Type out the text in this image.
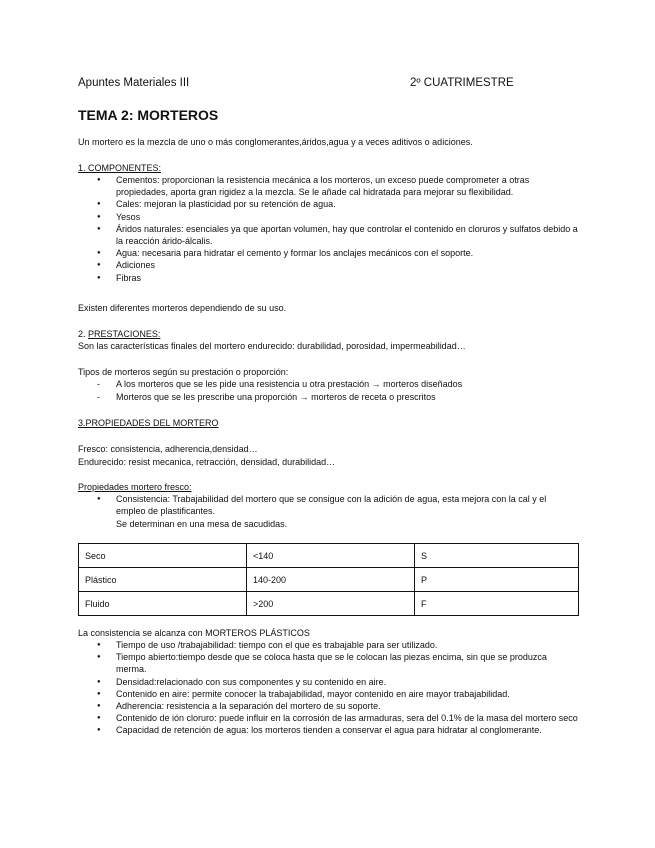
Apuntes Materiales III	2º CUATRIMESTRE
TEMA 2: MORTEROS
Un mortero es la mezcla de uno o más conglomerantes,áridos,agua y a veces aditivos o adiciones.
1. COMPONENTES:
● Cementos: proporcionan la resistencia mecánica a los morteros, un exceso puede comprometer a otras propiedades, aporta gran rigidez a la mezcla. Se le añade cal hidratada para mejorar su flexibilidad.
● Cales: mejoran la plasticidad por su retención de agua.
● Yesos
● Áridos naturales: esenciales ya que aportan volumen, hay que controlar el contenido en cloruros y sulfatos debido a la reacción árido-álcalis.
● Agua: necesaria para hidratar el cemento y formar los anclajes mecánicos con el soporte.
● Adiciones
● Fibras
Existen diferentes morteros dependiendo de su uso.
2. PRESTACIONES:
Son las características finales del mortero endurecido: durabilidad, porosidad, impermeabilidad…
Tipos de morteros según su prestación o proporción:
- A los morteros que se les pide una resistencia u otra prestación → morteros diseñados
- Morteros que se les prescribe una proporción → morteros de receta o prescritos
3.PROPIEDADES DEL MORTERO
Fresco: consistencia, adherencia,densidad…
Endurecido: resist mecanica, retracción, densidad, durabilidad…
Propiedades mortero fresco:
● Consistencia: Trabajabilidad del mortero que se consigue con la adición de agua, esta mejora con la cal y el empleo de plastificantes.
Se determinan en una mesa de sacudidas.
Seco	<140	S
Plástico	140-200	P
Fluido	>200	F
La consistencia se alcanza con MORTEROS PLÁSTICOS
● Tiempo de uso /trabajabilidad: tiempo con el que es trabajable para ser utilizado.
● Tiempo abierto:tiempo desde que se coloca hasta que se le colocan las piezas encima, sin que se produzca merma.
● Densidad:relacionado con sus componentes y su contenido en aire.
● Contenido en aire: permite conocer la trabajabilidad, mayor contenido en aire mayor trabajabilidad.
● Adherencia: resistencia a la separación del mortero de su soporte.
● Contenido de ión cloruro: puede influir en la corrosión de las armaduras, sera del 0.1% de la masa del mortero seco
● Capacidad de retención de agua: los morteros tienden a conservar el agua para hidratar al conglomerante.
